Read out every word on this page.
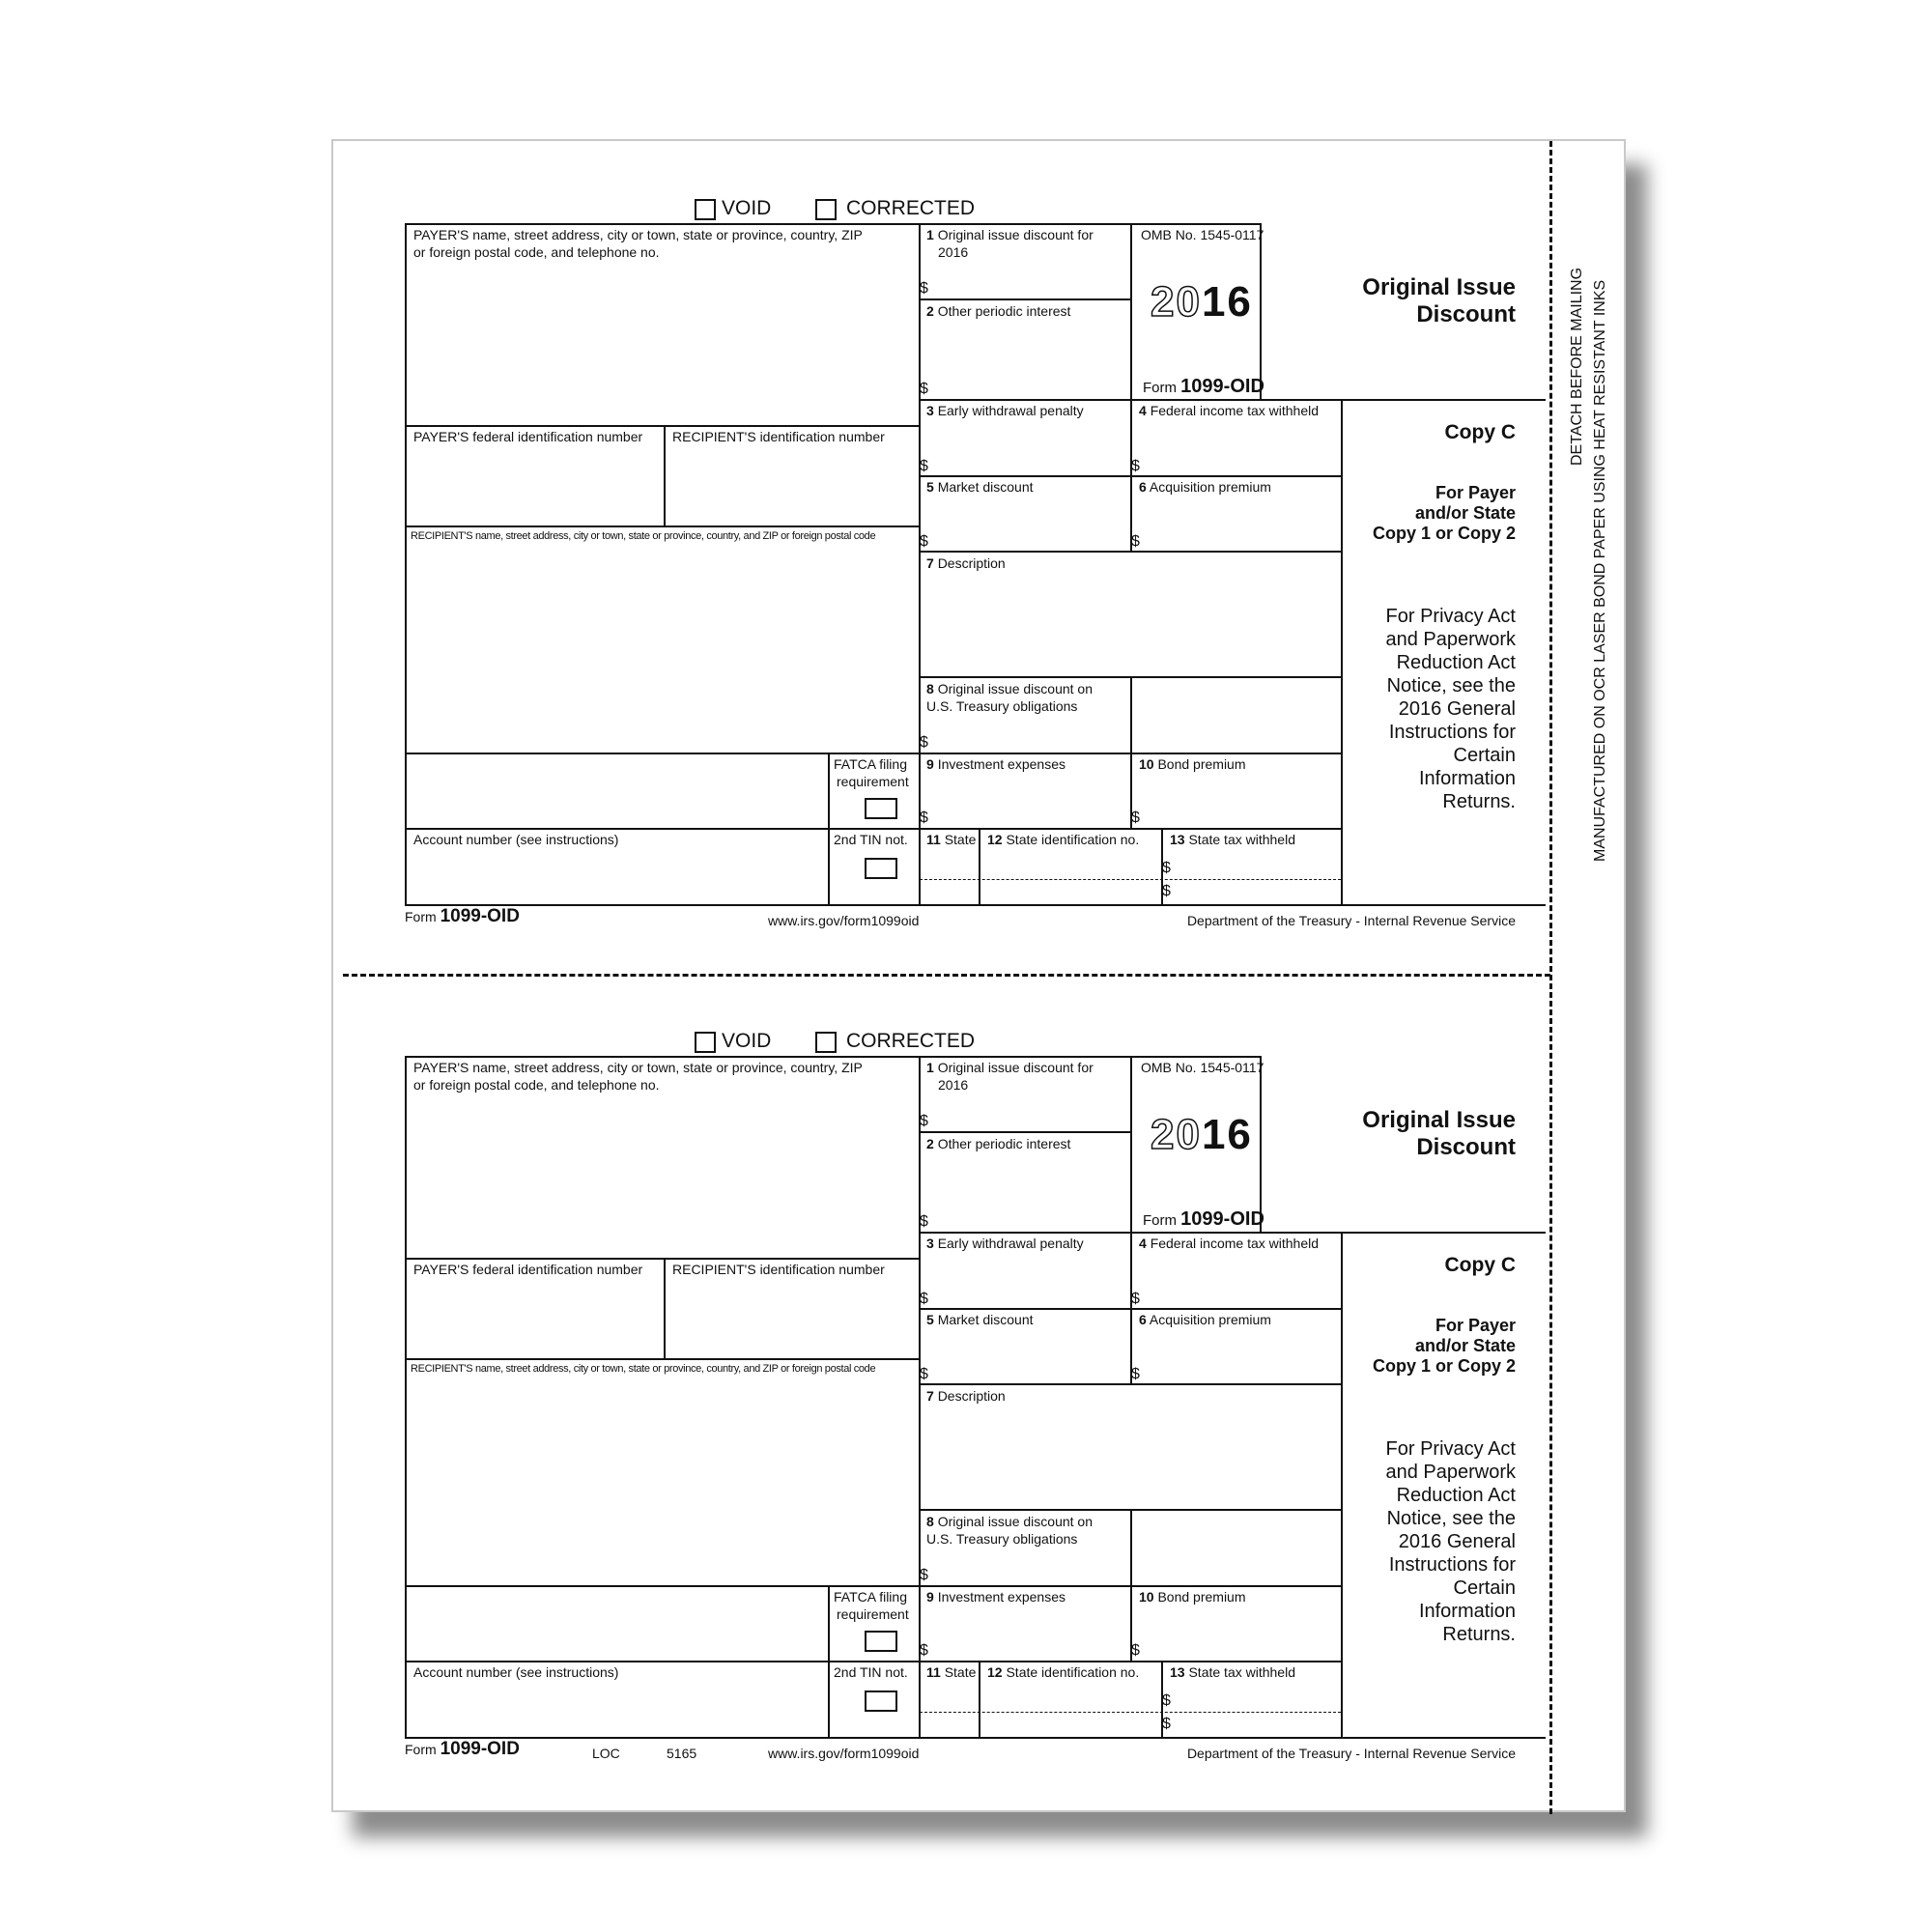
VOID	CORRECTED
PAYER'S name, street address, city or town, state or province, country, ZIP
or foreign postal code, and telephone no.
PAYER'S federal identification number RECIPIENT'S identification number
RECIPIENT'S name, street address, city or town, state or province, country, and ZIP or foreign postal code
FATCA filing
requirement
Account number (see instructions)	2nd TIN not.
1 Original issue discount for
2016
$
2 Other periodic interest
$
OMB No. 1545-0117
2016
Form 1099-OID
3 Early withdrawal penalty
$
4 Federal income tax withheld
$
5 Market discount
$
6 Acquisition premium
$
7 Description
8 Original issue discount on
U.S. Treasury obligations
$
9 Investment expenses
$
10 Bond premium
$
11 State 12 State identification no. 13 State tax withheld
$
$
Original Issue
Discount
Copy C
For Payer
and/or State
Copy 1 or Copy 2
For Privacy Act
and Paperwork
Reduction Act
Notice, see the
2016 General
Instructions for
Certain
Information
Returns.
Form 1099-OID	www.irs.gov/form1099oid	Department of the Treasury - Internal Revenue Service
VOID	CORRECTED
PAYER'S name, street address, city or town, state or province, country, ZIP
or foreign postal code, and telephone no.
PAYER'S federal identification number RECIPIENT'S identification number
RECIPIENT'S name, street address, city or town, state or province, country, and ZIP or foreign postal code
FATCA filing
requirement
Account number (see instructions)	2nd TIN not.
1 Original issue discount for
2016
$
2 Other periodic interest
$
OMB No. 1545-0117
2016
Form 1099-OID
3 Early withdrawal penalty
$
4 Federal income tax withheld
$
5 Market discount
$
6 Acquisition premium
$
7 Description
8 Original issue discount on
U.S. Treasury obligations
$
9 Investment expenses
$
10 Bond premium
$
11 State 12 State identification no. 13 State tax withheld
$
$
Original Issue
Discount
Copy C
For Payer
and/or State
Copy 1 or Copy 2
For Privacy Act
and Paperwork
Reduction Act
Notice, see the
2016 General
Instructions for
Certain
Information
Returns.
Form 1099-OID	LOC	5165	www.irs.gov/form1099oid	Department of the Treasury - Internal Revenue Service
DETACH BEFORE MAILING MANUFACTURED ON OCR LASER BOND PAPER USING HEAT RESISTANT INKS
